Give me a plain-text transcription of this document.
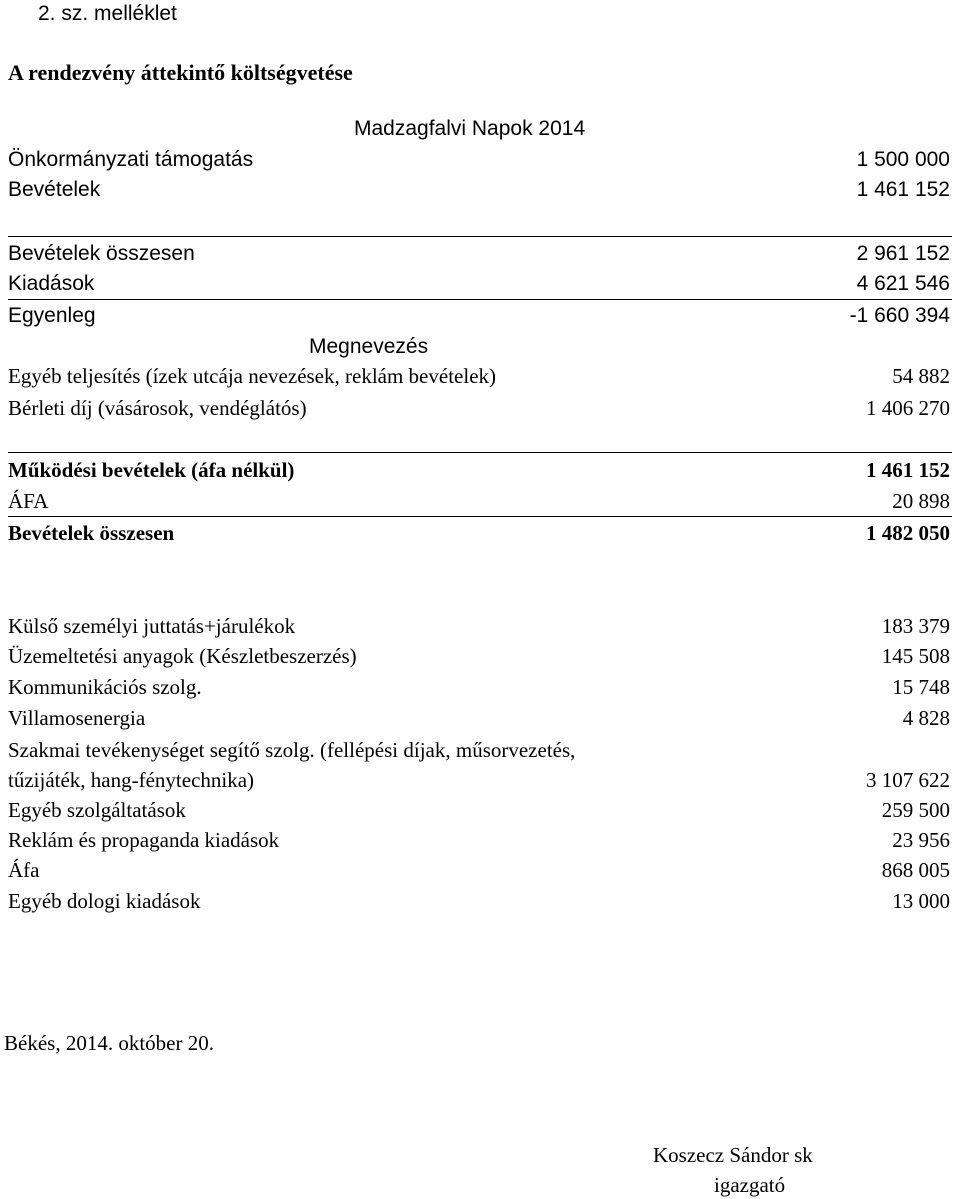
2. sz. melléklet
A rendezvény áttekintő költségvetése
Madzagfalvi Napok 2014
Önkormányzati támogatás	1 500 000
Bevételek	1 461 152
Bevételek összesen	2 961 152
Kiadások	4 621 546
Egyenleg	-1 660 394
Megnevezés
Egyéb teljesítés (ízek utcája nevezések, reklám bevételek)	54 882
Bérleti díj (vásárosok, vendéglátós)	1 406 270
Működési bevételek (áfa nélkül)	1 461 152
ÁFA	20 898
Bevételek összesen	1 482 050
Külső személyi juttatás+járulékok	183 379
Üzemeltetési anyagok (Készletbeszerzés)	145 508
Kommunikációs szolg.	15 748
Villamosenergia	4 828
Szakmai tevékenységet segítő szolg. (fellépési díjak, műsorvezetés,
tűzijáték, hang-fénytechnika)	3 107 622
Egyéb szolgáltatások	259 500
Reklám és propaganda kiadások	23 956
Áfa	868 005
Egyéb dologi kiadások	13 000
Békés, 2014. október 20.
Koszecz Sándor sk
igazgató
